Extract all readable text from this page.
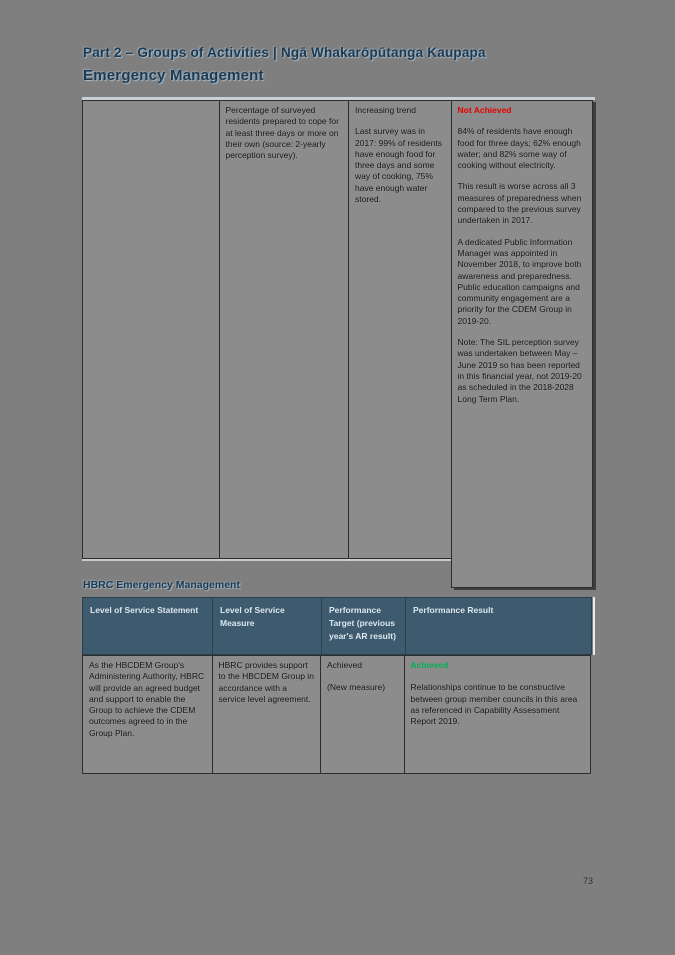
Part 2 – Groups of Activities | Ngā Whakarōpūtanga Kaupapa
Emergency Management

Percentage of surveyed residents prepared to cope for at least three days or more on their own (source: 2-yearly perception survey).

Increasing trend

Last survey was in 2017: 99% of residents have enough food for three days and some way of cooking, 75% have enough water stored.

Not Achieved

84% of residents have enough food for three days; 62% enough water; and 82% some way of cooking without electricity.

This result is worse across all 3 measures of preparedness when compared to the previous survey undertaken in 2017.

A dedicated Public Information Manager was appointed in November 2018, to improve both awareness and preparedness. Public education campaigns and community engagement are a priority for the CDEM Group in 2019-20.

Note: The SIL perception survey was undertaken between May – June 2019 so has been reported in this financial year, not 2019-20 as scheduled in the 2018-2028 Long Term Plan.

HBRC Emergency Management
Level of Service Statement	Level of Service Measure
Performance Target (previous year's AR result)
Performance Result

As the HBCDEM Group's Administering Authority, HBRC will provide an agreed budget and support to enable the Group to achieve the CDEM outcomes agreed to in the Group Plan.

HBRC provides support to the HBCDEM Group in accordance with a service level agreement.

Achieved

(New measure)

Achieved

Relationships continue to be constructive between group member councils in this area as referenced in Capability Assessment Report 2019.

73
